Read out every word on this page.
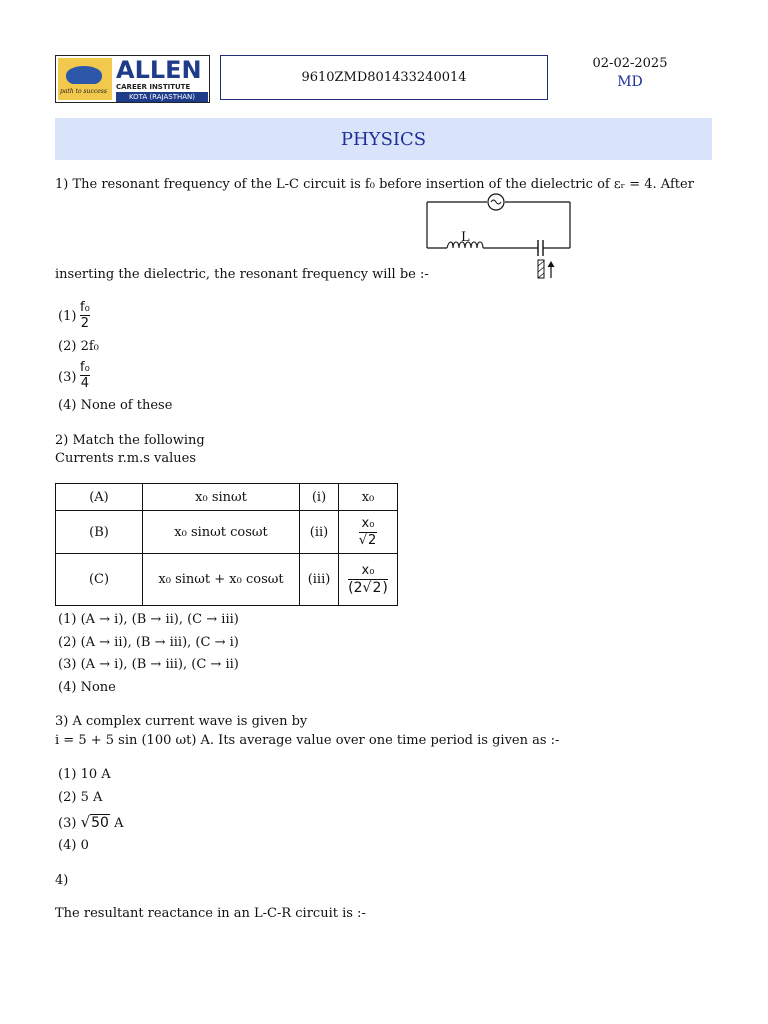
path to success
ALLEN
CAREER INSTITUTE
KOTA (RAJASTHAN)
9610ZMD801433240014
02-02-2025
MD
PHYSICS
1) The resonant frequency of the L-C circuit is f₀ before insertion of the dielectric of εᵣ = 4. After
L
inserting the dielectric, the resonant frequency will be :-
(1)
f₀
2
(2) 2f₀
(3)
f₀
4
(4) None of these
2) Match the following
Currents r.m.s values
(A)	x₀ sinωt	(i)	x₀
(B)	x₀ sinωt cosωt	(ii)	$\frac{\text{x₀}}{√2}$

(C)	x₀ sinωt + x₀ cosωt	(iii)	$\frac{\text{x₀}}{(2√2)}$
(1) (A → i), (B → ii), (C → iii)
(2) (A → ii), (B → iii), (C → i)
(3) (A → i), (B → iii), (C → ii)
(4) None
3) A complex current wave is given by
i = 5 + 5 sin (100 ωt) A. Its average value over one time period is given as :-
(1) 10 A
(2) 5 A
(3) √50 A
(4) 0
4)
The resultant reactance in an L-C-R circuit is :-
